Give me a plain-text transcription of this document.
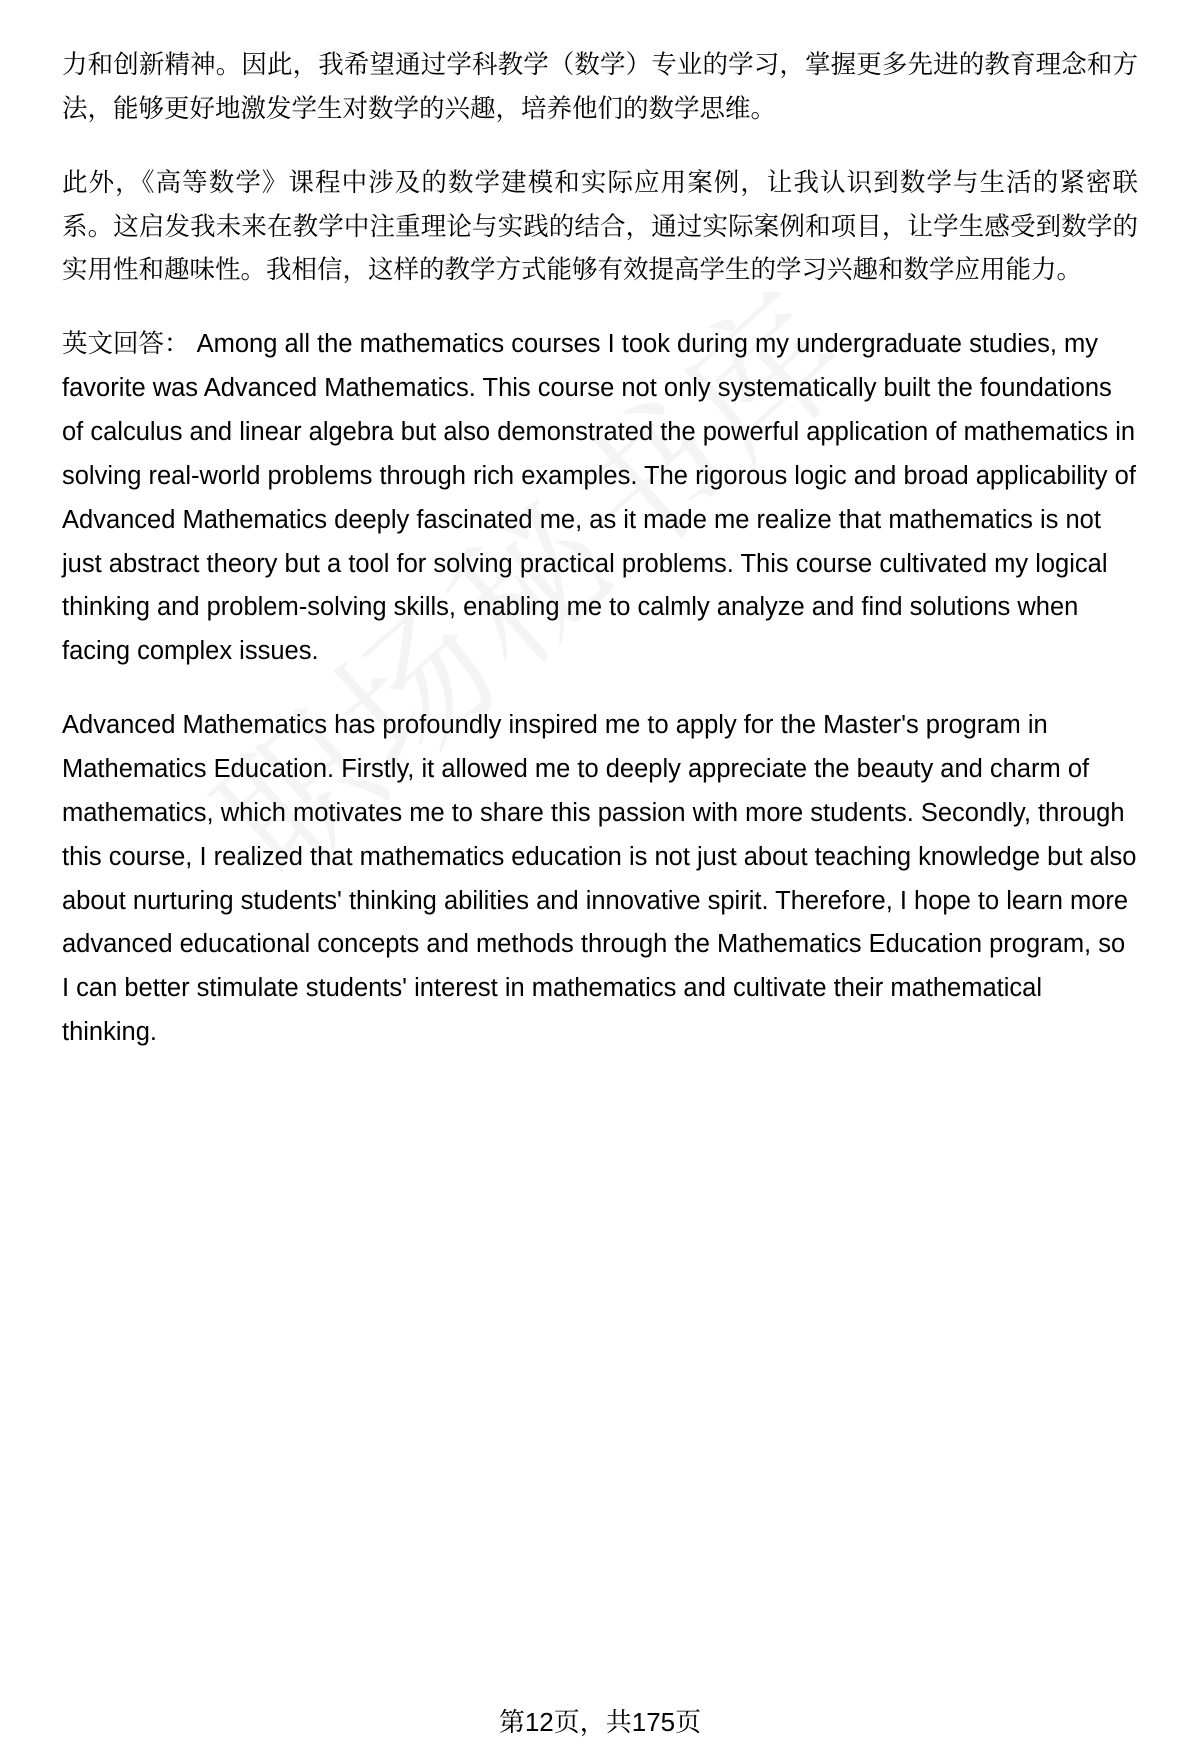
力和创新精神。因此，我希望通过学科教学（数学）专业的学习，掌握更多先进的教育理念和方法，能够更好地激发学生对数学的兴趣，培养他们的数学思维。

此外，《高等数学》课程中涉及的数学建模和实际应用案例，让我认识到数学与生活的紧密联系。这启发我未来在教学中注重理论与实践的结合，通过实际案例和项目，让学生感受到数学的实用性和趣味性。我相信，这样的教学方式能够有效提高学生的学习兴趣和数学应用能力。

英文回答： Among all the mathematics courses I took during my undergraduate studies, my favorite was Advanced Mathematics. This course not only systematically built the foundations of calculus and linear algebra but also demonstrated the powerful application of mathematics in solving real-world problems through rich examples. The rigorous logic and broad applicability of Advanced Mathematics deeply fascinated me, as it made me realize that mathematics is not just abstract theory but a tool for solving practical problems. This course cultivated my logical thinking and problem-solving skills, enabling me to calmly analyze and find solutions when facing complex issues.

Advanced Mathematics has profoundly inspired me to apply for the Master's program in Mathematics Education. Firstly, it allowed me to deeply appreciate the beauty and charm of mathematics, which motivates me to share this passion with more students. Secondly, through this course, I realized that mathematics education is not just about teaching knowledge but also about nurturing students' thinking abilities and innovative spirit. Therefore, I hope to learn more advanced educational concepts and methods through the Mathematics Education program, so I can better stimulate students' interest in mathematics and cultivate their mathematical thinking.

第12页，共175页
